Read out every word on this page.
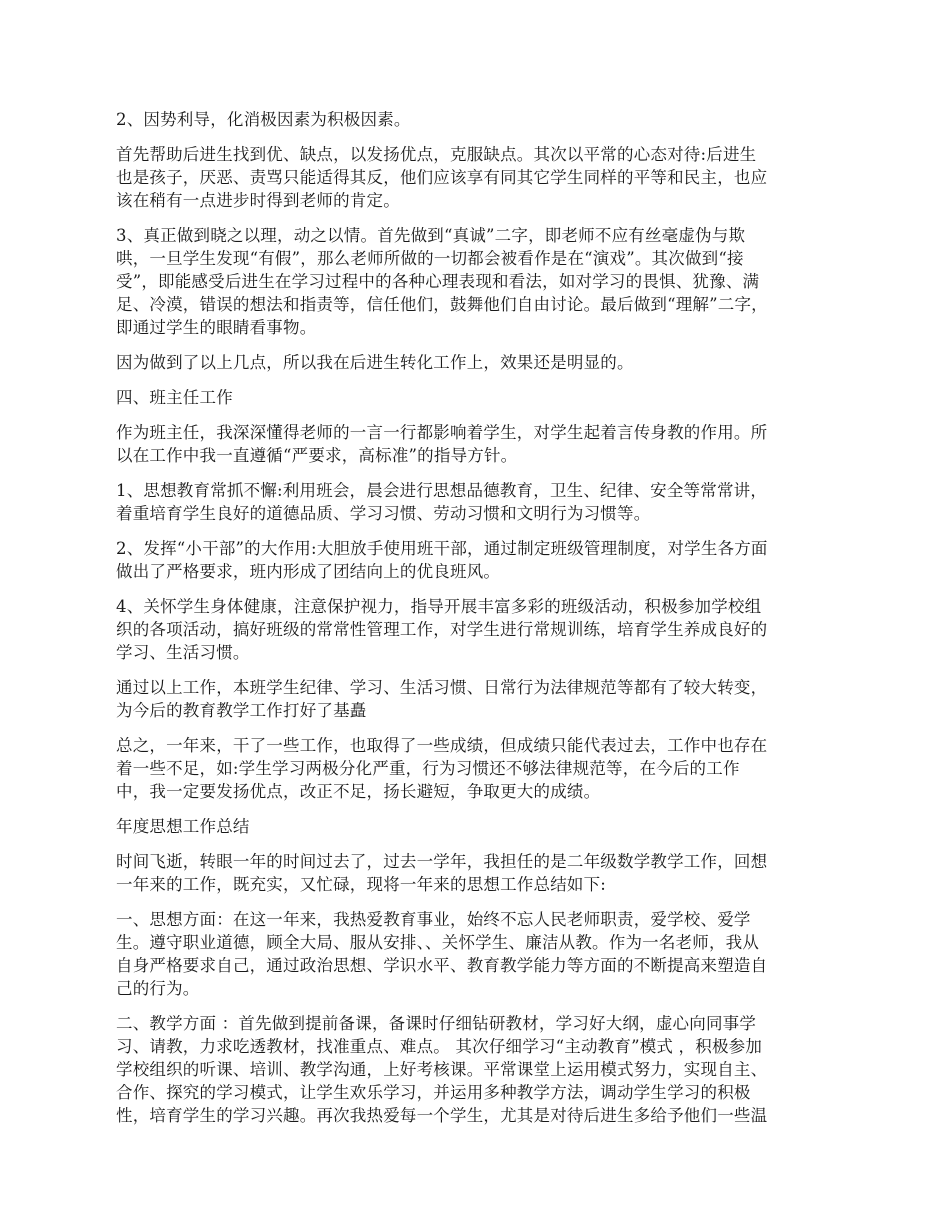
2、因势利导，化消极因素为积极因素。

首先帮助后进生找到优、缺点，以发扬优点，克服缺点。其次以平常的心态对待:后进生
也是孩子，厌恶、责骂只能适得其反，他们应该享有同其它学生同样的平等和民主，也应
该在稍有一点进步时得到老师的肯定。

3、真正做到晓之以理，动之以情。首先做到“真诚”二字，即老师不应有丝毫虚伪与欺
哄，一旦学生发现“有假”，那么老师所做的一切都会被看作是在“演戏”。其次做到“接
受”，即能感受后进生在学习过程中的各种心理表现和看法，如对学习的畏惧、犹豫、满
足、冷漠，错误的想法和指责等，信任他们，鼓舞他们自由讨论。最后做到“理解”二字，
即通过学生的眼睛看事物。

因为做到了以上几点，所以我在后进生转化工作上，效果还是明显的。

四、班主任工作

作为班主任，我深深懂得老师的一言一行都影响着学生，对学生起着言传身教的作用。所
以在工作中我一直遵循“严要求，高标准”的指导方针。

1、思想教育常抓不懈:利用班会，晨会进行思想品德教育，卫生、纪律、安全等常常讲，
着重培育学生良好的道德品质、学习习惯、劳动习惯和文明行为习惯等。

2、发挥“小干部”的大作用:大胆放手使用班干部，通过制定班级管理制度，对学生各方面
做出了严格要求，班内形成了团结向上的优良班风。

4、关怀学生身体健康，注意保护视力，指导开展丰富多彩的班级活动，积极参加学校组
织的各项活动，搞好班级的常常性管理工作，对学生进行常规训练，培育学生养成良好的
学习、生活习惯。

通过以上工作，本班学生纪律、学习、生活习惯、日常行为法律规范等都有了较大转变，
为今后的教育教学工作打好了基矗

总之，一年来，干了一些工作，也取得了一些成绩，但成绩只能代表过去，工作中也存在
着一些不足，如:学生学习两极分化严重，行为习惯还不够法律规范等，在今后的工作
中，我一定要发扬优点，改正不足，扬长避短，争取更大的成绩。

年度思想工作总结

时间飞逝，转眼一年的时间过去了，过去一学年，我担任的是二年级数学教学工作，回想
一年来的工作，既充实，又忙碌，现将一年来的思想工作总结如下:

一、思想方面：在这一年来，我热爱教育事业，始终不忘人民老师职责，爱学校、爱学
生。遵守职业道德，顾全大局、服从安排、、关怀学生、廉洁从教。作为一名老师，我从
自身严格要求自己，通过政治思想、学识水平、教育教学能力等方面的不断提高来塑造自
己的行为。

二、教学方面 ：首先做到提前备课，备课时仔细钻研教材，学习好大纲，虚心向同事学
习、请教，力求吃透教材，找准重点、难点。 其次仔细学习“主动教育”模式 ，积极参加
学校组织的听课、培训、教学沟通，上好考核课。平常课堂上运用模式努力，实现自主、
合作、探究的学习模式，让学生欢乐学习，并运用多种教学方法，调动学生学习的积极
性，培育学生的学习兴趣。再次我热爱每一个学生，尤其是对待后进生多给予他们一些温
